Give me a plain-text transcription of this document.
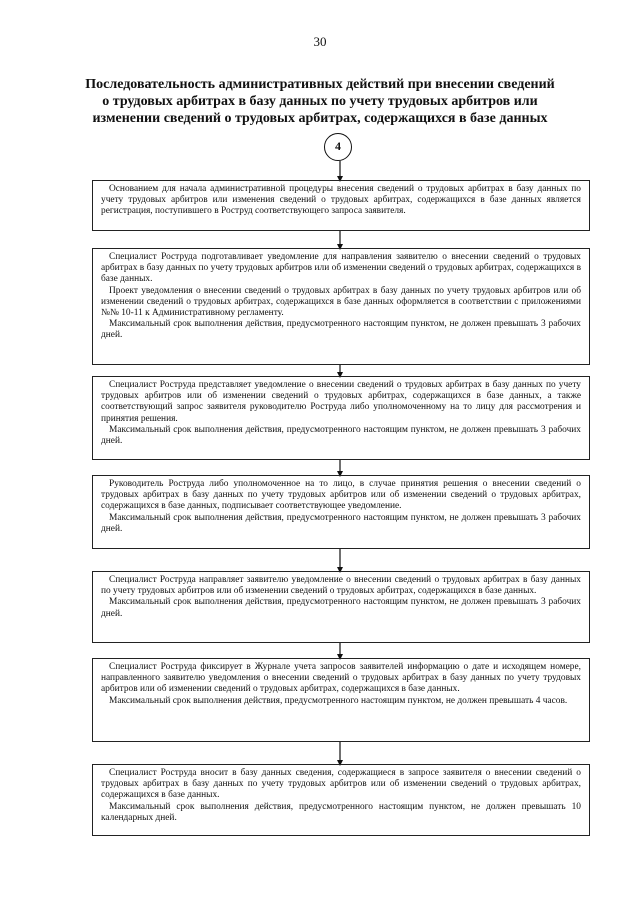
30
Последовательность административных действий при внесении сведений
о трудовых арбитрах в базу данных по учету трудовых арбитров или
изменении сведений о трудовых арбитрах, содержащихся в базе данных
4

Основанием для начала административной процедуры внесения сведений о трудовых арбитрах в базу данных по учету трудовых арбитров или изменения сведений о трудовых арбитрах, содержащихся в базе данных является регистрация, поступившего в Роструд соответствующего запроса заявителя.

Специалист Роструда подготавливает уведомление для направления заявителю о внесении сведений о трудовых арбитрах в базу данных по учету трудовых арбитров или об изменении сведений о трудовых арбитрах, содержащихся в базе данных.

Проект уведомления о внесении сведений о трудовых арбитрах в базу данных по учету трудовых арбитров или об изменении сведений о трудовых арбитрах, содержащихся в базе данных оформляется в соответствии с приложениями №№ 10-11 к Административному регламенту.

Максимальный срок выполнения действия, предусмотренного настоящим пунктом, не должен превышать 3 рабочих дней.

Специалист Роструда представляет уведомление о внесении сведений о трудовых арбитрах в базу данных по учету трудовых арбитров или об изменении сведений о трудовых арбитрах, содержащихся в базе данных, а также соответствующий запрос заявителя руководителю Роструда либо уполномоченному на то лицу для рассмотрения и принятия решения.

Максимальный срок выполнения действия, предусмотренного настоящим пунктом, не должен превышать 3 рабочих дней.

Руководитель Роструда либо уполномоченное на то лицо, в случае принятия решения о внесении сведений о трудовых арбитрах в базу данных по учету трудовых арбитров или об изменении сведений о трудовых арбитрах, содержащихся в базе данных, подписывает соответствующее уведомление.

Максимальный срок выполнения действия, предусмотренного настоящим пунктом, не должен превышать 3 рабочих дней.

Специалист Роструда направляет заявителю уведомление о внесении сведений о трудовых арбитрах в базу данных по учету трудовых арбитров или об изменении сведений о трудовых арбитрах, содержащихся в базе данных.

Максимальный срок выполнения действия, предусмотренного настоящим пунктом, не должен превышать 3 рабочих дней.

Специалист Роструда фиксирует в Журнале учета запросов заявителей информацию о дате и исходящем номере, направленного заявителю уведомления о внесении сведений о трудовых арбитрах в базу данных по учету трудовых арбитров или об изменении сведений о трудовых арбитрах, содержащихся в базе данных.

Максимальный срок выполнения действия, предусмотренного настоящим пунктом, не должен превышать 4 часов.

Специалист Роструда вносит в базу данных сведения, содержащиеся в запросе заявителя о внесении сведений о трудовых арбитрах в базу данных по учету трудовых арбитров или об изменении сведений о трудовых арбитрах, содержащихся в базе данных.

Максимальный срок выполнения действия, предусмотренного настоящим пунктом, не должен превышать 10 календарных дней.
